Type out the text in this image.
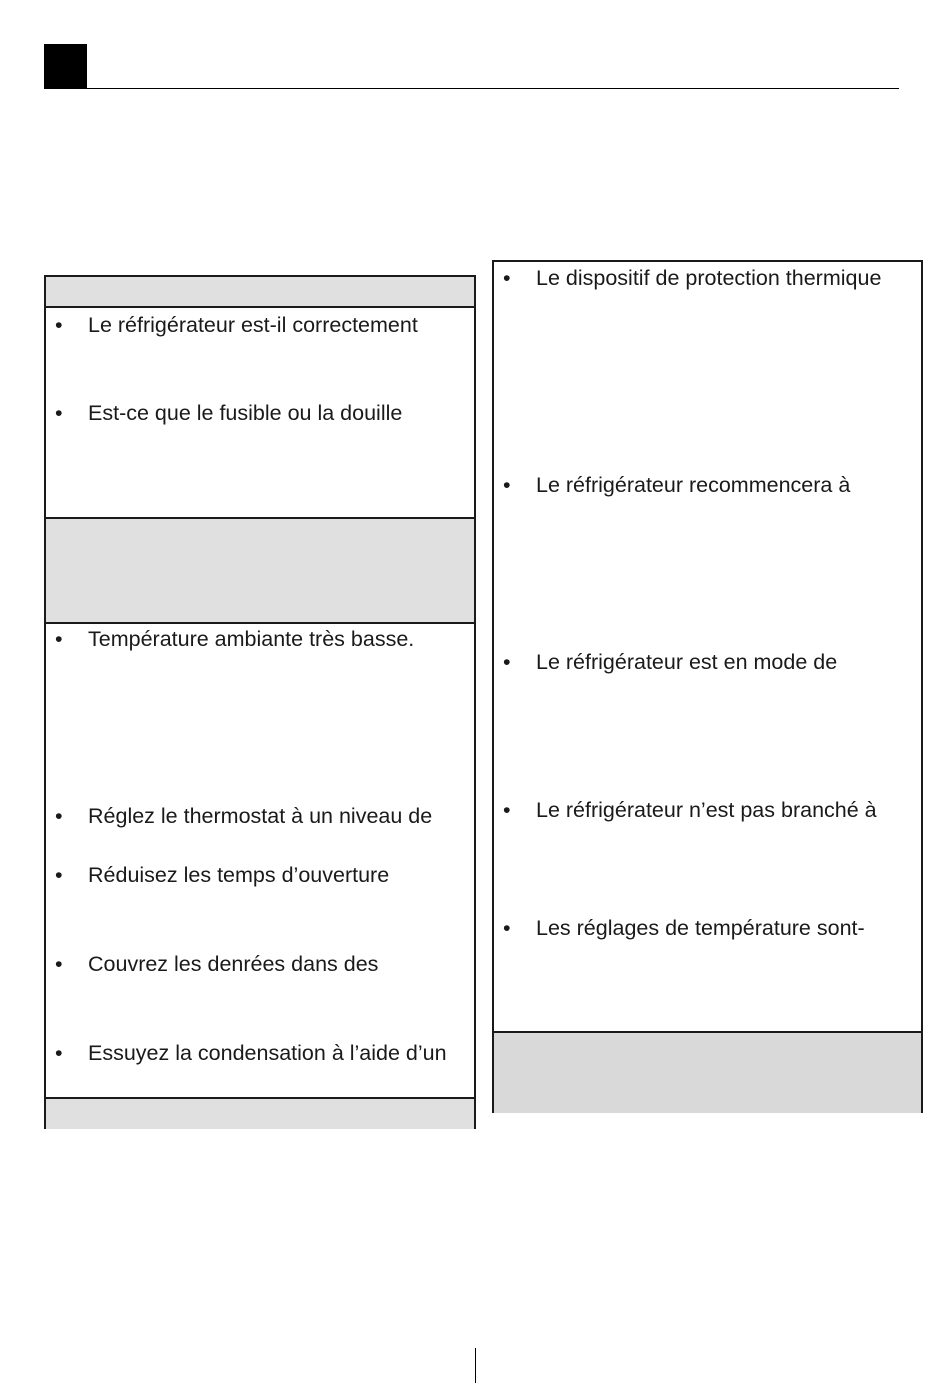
• Le réfrigérateur est-il correctement
• Est-ce que le fusible ou la douille
• Température ambiante très basse.
• Réglez le thermostat à un niveau de
• Réduisez les temps d’ouverture
• Couvrez les denrées dans des
• Essuyez la condensation à l’aide d’un
• Le dispositif de protection thermique
• Le réfrigérateur recommencera à
• Le réfrigérateur est en mode de
• Le réfrigérateur n’est pas branché à
• Les réglages de température sont-
